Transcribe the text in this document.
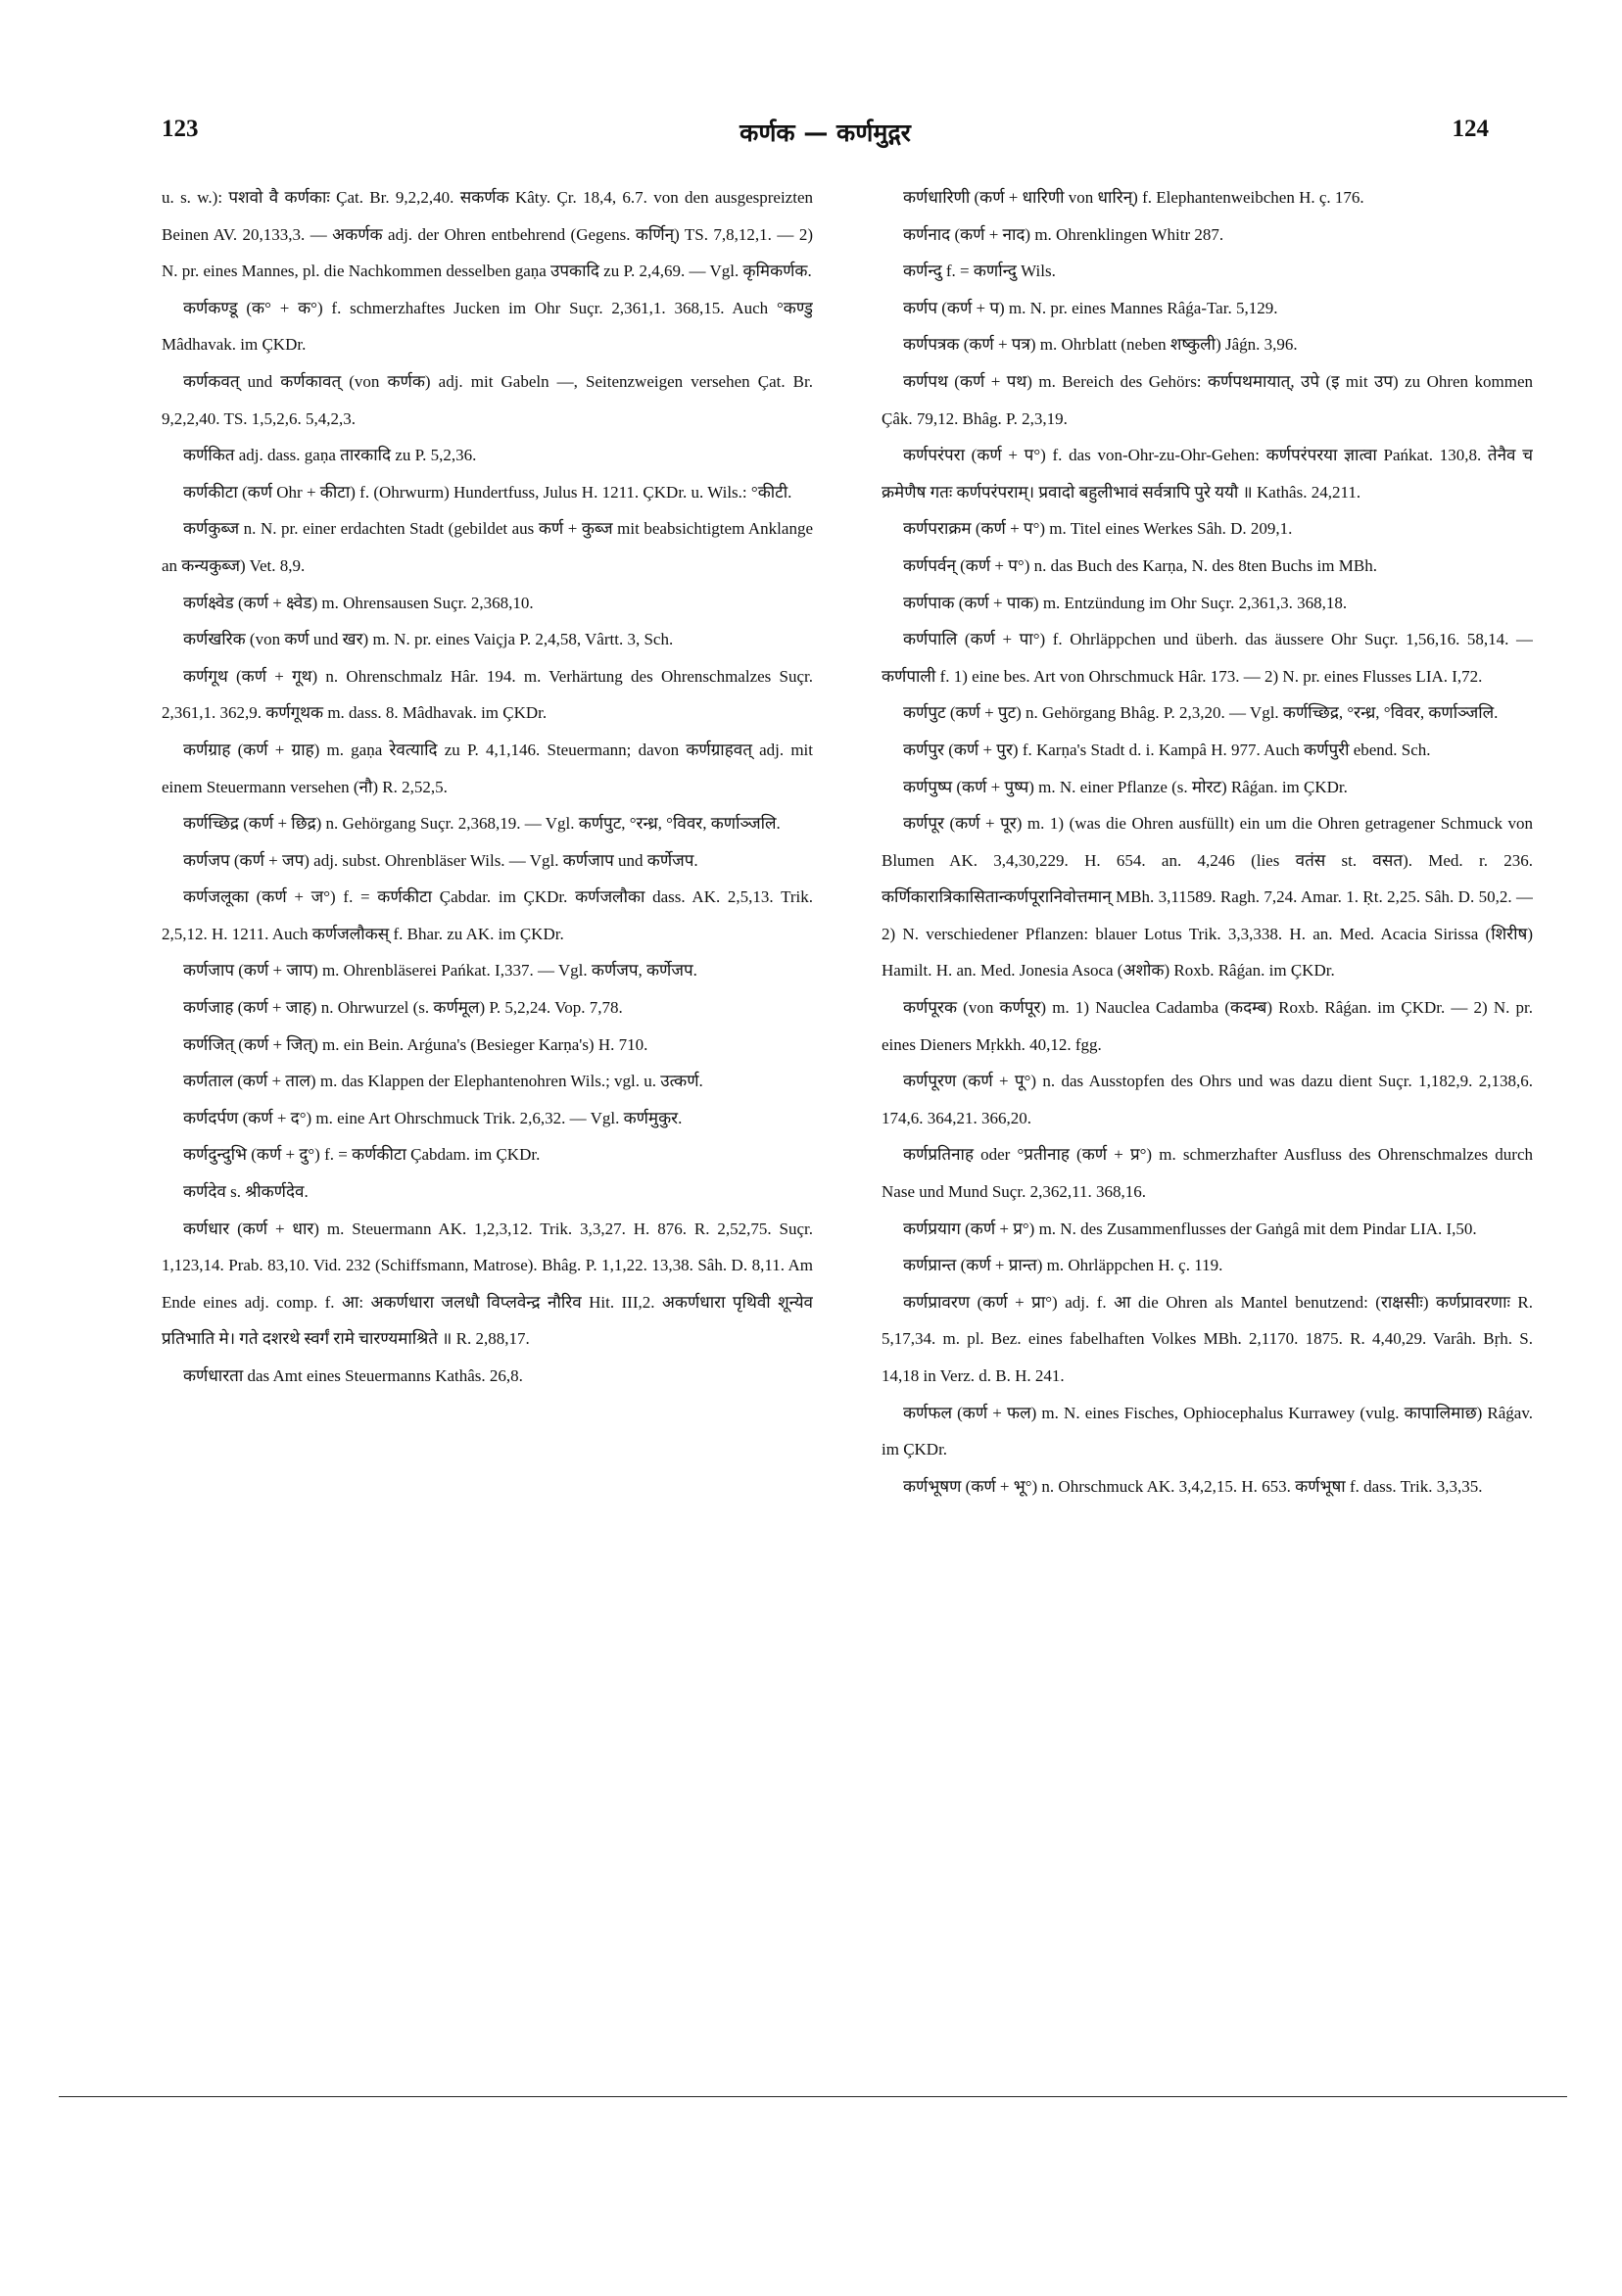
123	कर्णक — कर्णमुद्गर	124

u. s. w.): पशवो वै कर्णकाः Çat. Br. 9,2,2,40. सकर्णक Kâty. Çr. 18,4, 6.7. von den ausgespreizten Beinen AV. 20,133,3. — अकर्णक adj. der Ohren entbehrend (Gegens. कर्णिन्) TS. 7,8,12,1. — 2) N. pr. eines Mannes, pl. die Nachkommen desselben gaṇa उपकादि zu P. 2,4,69. — Vgl. कृमिकर्णक.

कर्णकण्डू (क° + क°) f. schmerzhaftes Jucken im Ohr Suçr. 2,361,1. 368,15. Auch °कण्डु Mâdhavak. im ÇKDr.

कर्णकवत् und कर्णकावत् (von कर्णक) adj. mit Gabeln —, Seitenzweigen versehen Çat. Br. 9,2,2,40. TS. 1,5,2,6. 5,4,2,3.

कर्णकित adj. dass. gaṇa तारकादि zu P. 5,2,36.

कर्णकीटा (कर्ण Ohr + कीटा) f. (Ohrwurm) Hundertfuss, Julus H. 1211. ÇKDr. u. Wils.: °कीटी.

कर्णकुब्ज n. N. pr. einer erdachten Stadt (gebildet aus कर्ण + कुब्ज mit beabsichtigtem Anklange an कन्यकुब्ज) Vet. 8,9.

कर्णक्ष्वेड (कर्ण + क्ष्वेड) m. Ohrensausen Suçr. 2,368,10.

कर्णखरिक (von कर्ण und खर) m. N. pr. eines Vaiçja P. 2,4,58, Vârtt. 3, Sch.

कर्णगूथ (कर्ण + गूथ) n. Ohrenschmalz Hâr. 194. m. Verhärtung des Ohrenschmalzes Suçr. 2,361,1. 362,9. कर्णगूथक m. dass. 8. Mâdhavak. im ÇKDr.

कर्णग्राह (कर्ण + ग्राह) m. gaṇa रेवत्यादि zu P. 4,1,146. Steuermann; davon कर्णग्राहवत् adj. mit einem Steuermann versehen (नौ) R. 2,52,5.

कर्णच्छिद्र (कर्ण + छिद्र) n. Gehörgang Suçr. 2,368,19. — Vgl. कर्णपुट, °रन्ध्र, °विवर, कर्णाञ्जलि.

कर्णजप (कर्ण + जप) adj. subst. Ohrenbläser Wils. — Vgl. कर्णजाप und कर्णेजप.

कर्णजलूका (कर्ण + ज°) f. = कर्णकीटा Çabdar. im ÇKDr. कर्णजलौका dass. AK. 2,5,13. Trik. 2,5,12. H. 1211. Auch कर्णजलौकस् f. Bhar. zu AK. im ÇKDr.

कर्णजाप (कर्ण + जाप) m. Ohrenbläserei Pańkat. I,337. — Vgl. कर्णजप, कर्णेजप.

कर्णजाह (कर्ण + जाह) n. Ohrwurzel (s. कर्णमूल) P. 5,2,24. Vop. 7,78.

कर्णजित् (कर्ण + जित्) m. ein Bein. Arǵuna's (Besieger Karṇa's) H. 710.

कर्णताल (कर्ण + ताल) m. das Klappen der Elephantenohren Wils.; vgl. u. उत्कर्ण.

कर्णदर्पण (कर्ण + द°) m. eine Art Ohrschmuck Trik. 2,6,32. — Vgl. कर्णमुकुर.

कर्णदुन्दुभि (कर्ण + दु°) f. = कर्णकीटा Çabdam. im ÇKDr.

कर्णदेव s. श्रीकर्णदेव.

कर्णधार (कर्ण + धार) m. Steuermann AK. 1,2,3,12. Trik. 3,3,27. H. 876. R. 2,52,75. Suçr. 1,123,14. Prab. 83,10. Vid. 232 (Schiffsmann, Matrose). Bhâg. P. 1,1,22. 13,38. Sâh. D. 8,11. Am Ende eines adj. comp. f. आ: अकर्णधारा जलधौ विप्लवेन्द्र नौरिव Hit. III,2. अकर्णधारा पृथिवी शून्येव प्रतिभाति मे। गते दशरथे स्वर्गं रामे चारण्यमाश्रिते ॥ R. 2,88,17.

कर्णधारता das Amt eines Steuermanns Kathâs. 26,8.

कर्णधारिणी (कर्ण + धारिणी von धारिन्) f. Elephantenweibchen H. ç. 176.

कर्णनाद (कर्ण + नाद) m. Ohrenklingen Whitr 287.

कर्णन्दु f. = कर्णान्दु Wils.

कर्णप (कर्ण + प) m. N. pr. eines Mannes Râǵa-Tar. 5,129.

कर्णपत्रक (कर्ण + पत्र) m. Ohrblatt (neben शष्कुली) Jâǵn. 3,96.

कर्णपथ (कर्ण + पथ) m. Bereich des Gehörs: कर्णपथमायात्, उपे (इ mit उप) zu Ohren kommen Çâk. 79,12. Bhâg. P. 2,3,19.

कर्णपरंपरा (कर्ण + प°) f. das von-Ohr-zu-Ohr-Gehen: कर्णपरंपरया ज्ञात्वा Pańkat. 130,8. तेनैव च क्रमेणैष गतः कर्णपरंपराम्। प्रवादो बहुलीभावं सर्वत्रापि पुरे ययौ ॥ Kathâs. 24,211.

कर्णपराक्रम (कर्ण + प°) m. Titel eines Werkes Sâh. D. 209,1.

कर्णपर्वन् (कर्ण + प°) n. das Buch des Karṇa, N. des 8ten Buchs im MBh.

कर्णपाक (कर्ण + पाक) m. Entzündung im Ohr Suçr. 2,361,3. 368,18.

कर्णपालि (कर्ण + पा°) f. Ohrläppchen und überh. das äussere Ohr Suçr. 1,56,16. 58,14. — कर्णपाली f. 1) eine bes. Art von Ohrschmuck Hâr. 173. — 2) N. pr. eines Flusses LIA. I,72.

कर्णपुट (कर्ण + पुट) n. Gehörgang Bhâg. P. 2,3,20. — Vgl. कर्णच्छिद्र, °रन्ध्र, °विवर, कर्णाञ्जलि.

कर्णपुर (कर्ण + पुर) f. Karṇa's Stadt d. i. Kampâ H. 977. Auch कर्णपुरी ebend. Sch.

कर्णपुष्प (कर्ण + पुष्प) m. N. einer Pflanze (s. मोरट) Râǵan. im ÇKDr.

कर्णपूर (कर्ण + पूर) m. 1) (was die Ohren ausfüllt) ein um die Ohren getragener Schmuck von Blumen AK. 3,4,30,229. H. 654. an. 4,246 (lies वतंस st. वसत). Med. r. 236. कर्णिकारात्रिकासितान्कर्णपूरानिवोत्तमान् MBh. 3,11589. Ragh. 7,24. Amar. 1. Ṛt. 2,25. Sâh. D. 50,2. — 2) N. verschiedener Pflanzen: blauer Lotus Trik. 3,3,338. H. an. Med. Acacia Sirissa (शिरीष) Hamilt. H. an. Med. Jonesia Asoca (अशोक) Roxb. Râǵan. im ÇKDr.

कर्णपूरक (von कर्णपूर) m. 1) Nauclea Cadamba (कदम्ब) Roxb. Râǵan. im ÇKDr. — 2) N. pr. eines Dieners Mṛkkh. 40,12. fgg.

कर्णपूरण (कर्ण + पू°) n. das Ausstopfen des Ohrs und was dazu dient Suçr. 1,182,9. 2,138,6. 174,6. 364,21. 366,20.

कर्णप्रतिनाह oder °प्रतीनाह (कर्ण + प्र°) m. schmerzhafter Ausfluss des Ohrenschmalzes durch Nase und Mund Suçr. 2,362,11. 368,16.

कर्णप्रयाग (कर्ण + प्र°) m. N. des Zusammenflusses der Gaṅgâ mit dem Pindar LIA. I,50.

कर्णप्रान्त (कर्ण + प्रान्त) m. Ohrläppchen H. ç. 119.

कर्णप्रावरण (कर्ण + प्रा°) adj. f. आ die Ohren als Mantel benutzend: (राक्षसीः) कर्णप्रावरणाः R. 5,17,34. m. pl. Bez. eines fabelhaften Volkes MBh. 2,1170. 1875. R. 4,40,29. Varâh. Bṛh. S. 14,18 in Verz. d. B. H. 241.

कर्णफल (कर्ण + फल) m. N. eines Fisches, Ophiocephalus Kurrawey (vulg. कापालिमाछ) Râǵav. im ÇKDr.

कर्णभूषण (कर्ण + भू°) n. Ohrschmuck AK. 3,4,2,15. H. 653. कर्णभूषा f. dass. Trik. 3,3,35.
